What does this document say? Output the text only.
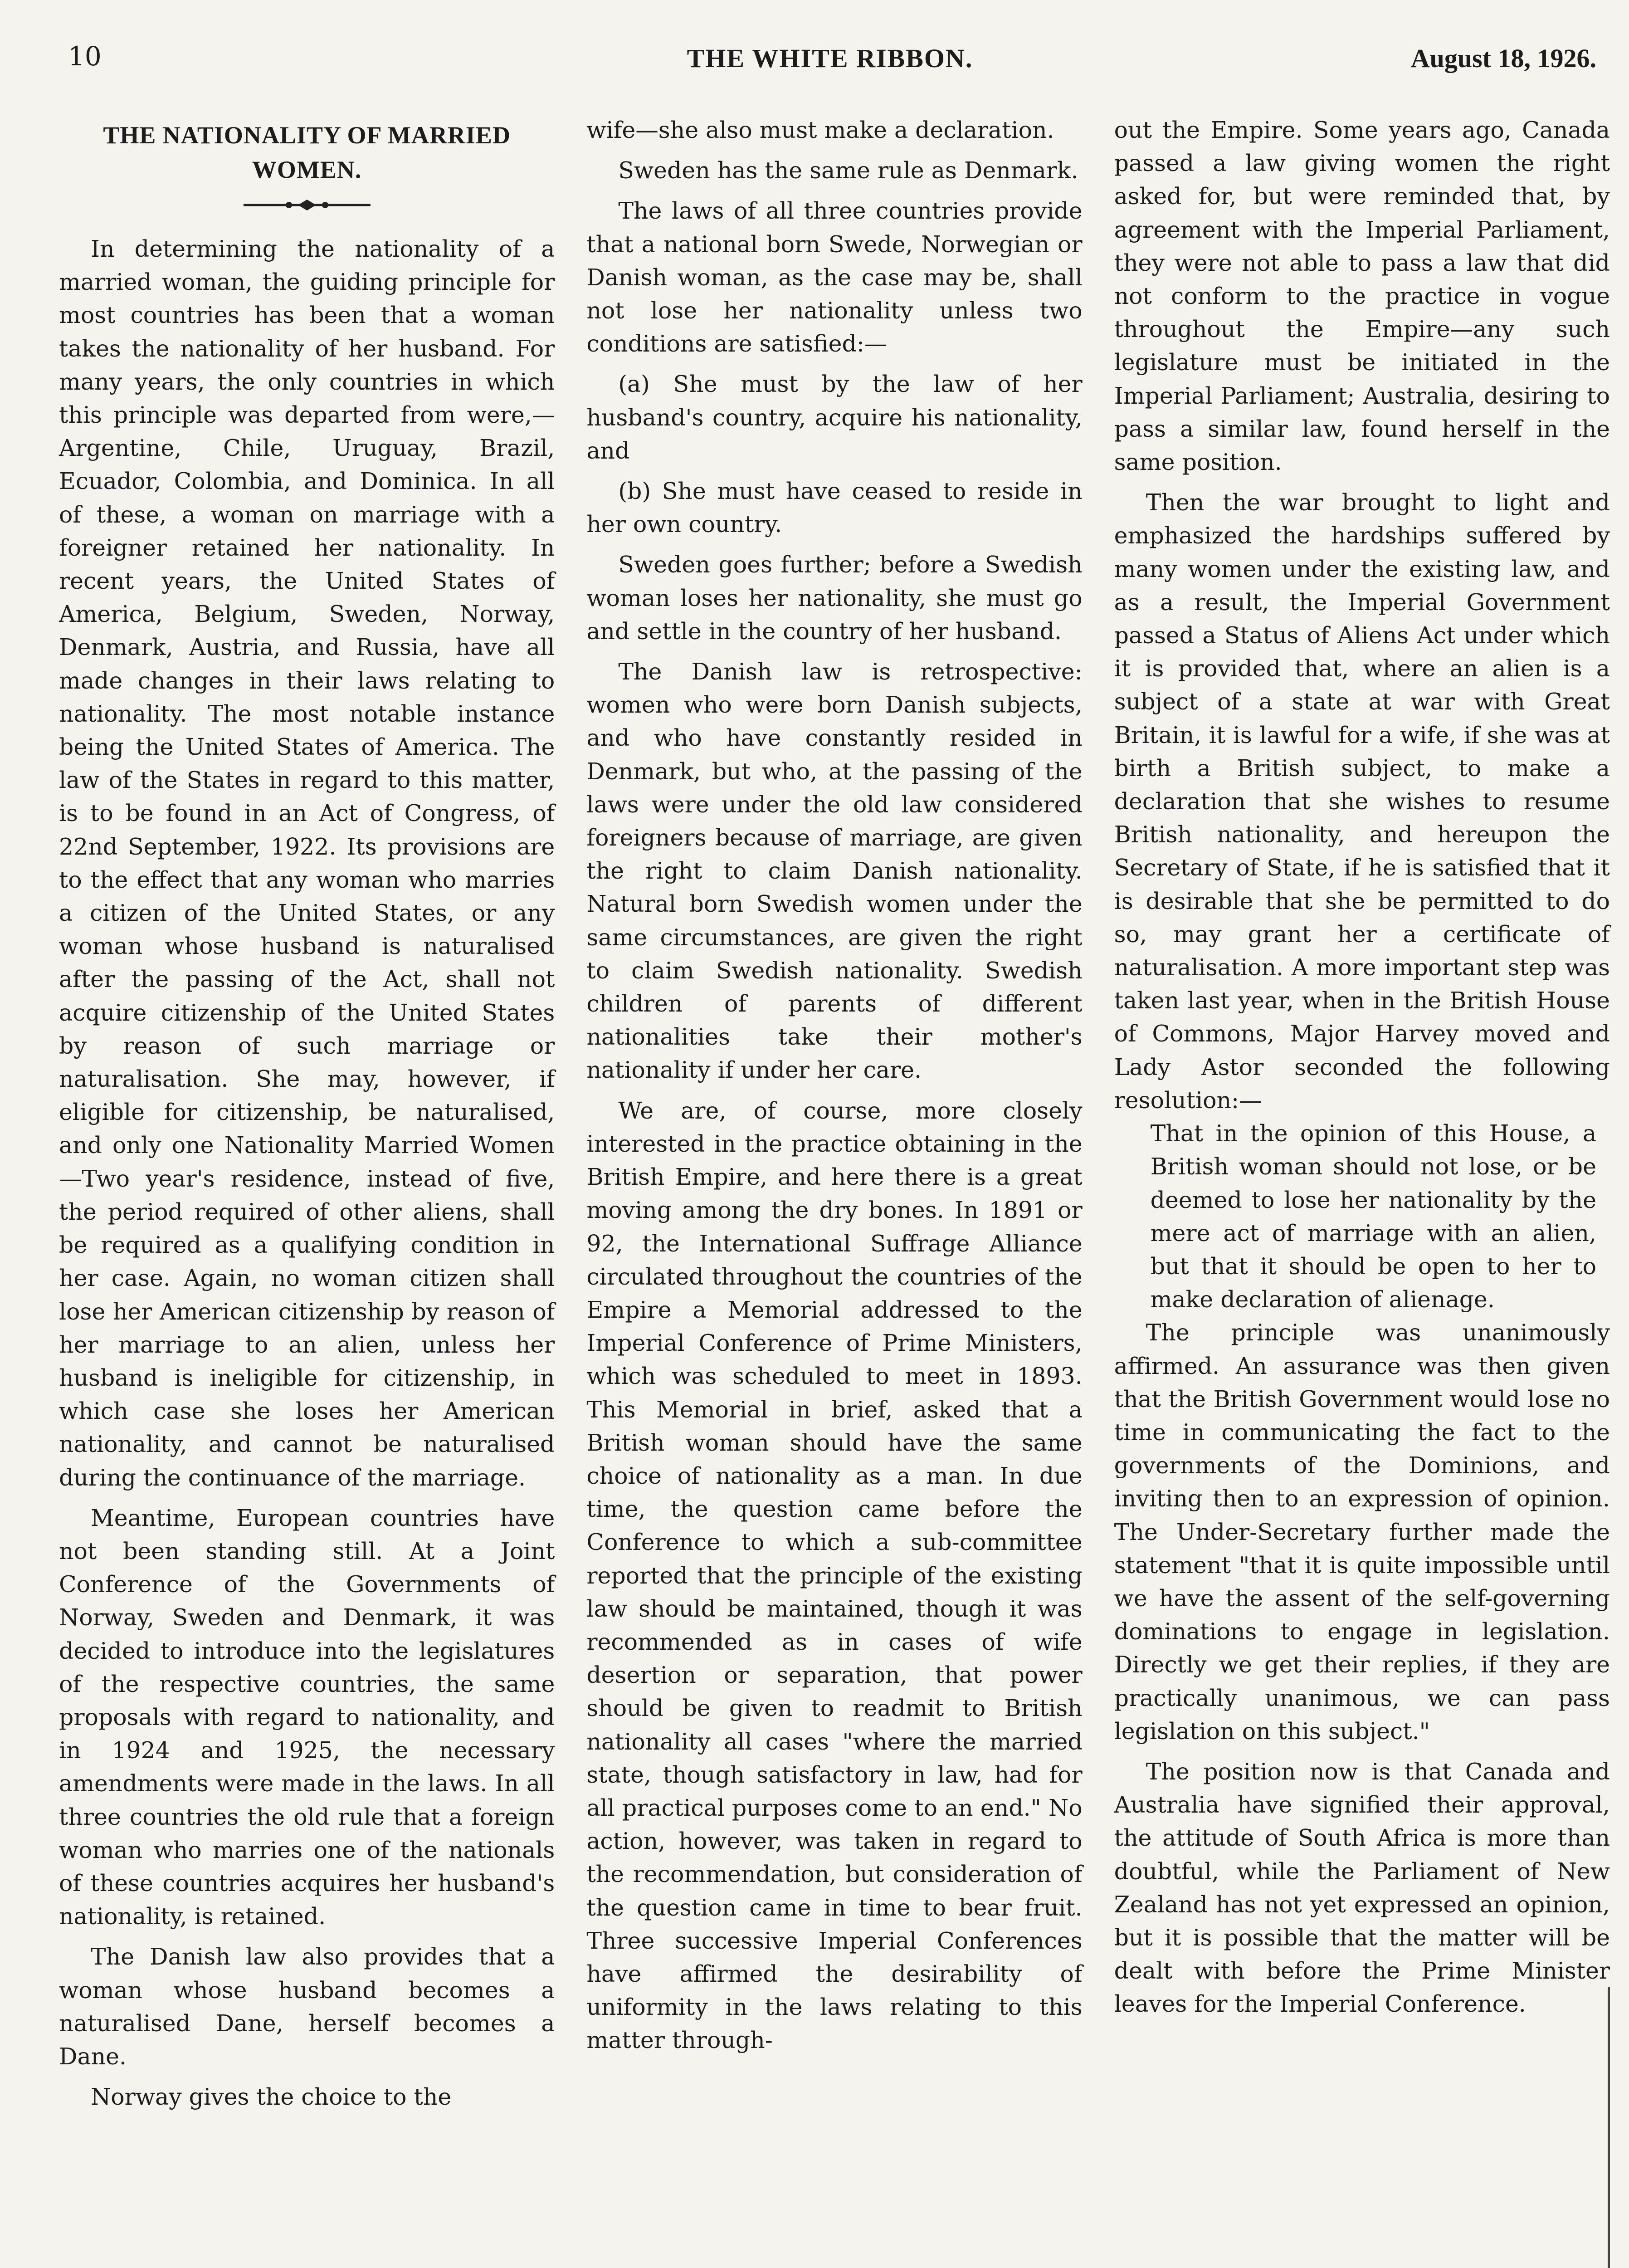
10	THE WHITE RIBBON.	August 18, 1926.
THE NATIONALITY OF MARRIED
WOMEN.

In determining the nationality of a married woman, the guiding principle for most countries has been that a woman takes the nationality of her husband. For many years, the only countries in which this principle was departed from were,—Argentine, Chile, Uruguay, Brazil, Ecuador, Colombia, and Dominica. In all of these, a woman on marriage with a foreigner retained her nationality. In recent years, the United States of America, Belgium, Sweden, Norway, Denmark, Austria, and Russia, have all made changes in their laws relating to nationality. The most notable instance being the United States of America. The law of the States in regard to this matter, is to be found in an Act of Congress, of 22nd September, 1922. Its provisions are to the effect that any woman who marries a citizen of the United States, or any woman whose husband is naturalised after the passing of the Act, shall not acquire citizenship of the United States by reason of such marriage or naturalisation. She may, however, if eligible for citizenship, be naturalised, and only one Nationality Married Women—Two year's residence, instead of five, the period required of other aliens, shall be required as a qualifying condition in her case. Again, no woman citizen shall lose her American citizenship by reason of her marriage to an alien, unless her husband is ineligible for citizenship, in which case she loses her American nationality, and cannot be naturalised during the continuance of the marriage.

Meantime, European countries have not been standing still. At a Joint Conference of the Governments of Norway, Sweden and Denmark, it was decided to introduce into the legislatures of the respective countries, the same proposals with regard to nationality, and in 1924 and 1925, the necessary amendments were made in the laws. In all three countries the old rule that a foreign woman who marries one of the nationals of these countries acquires her husband's nationality, is retained.

The Danish law also provides that a woman whose husband becomes a naturalised Dane, herself becomes a Dane.

Norway gives the choice to the

wife—she also must make a declaration.

Sweden has the same rule as Denmark.

The laws of all three countries provide that a national born Swede, Norwegian or Danish woman, as the case may be, shall not lose her nationality unless two conditions are satisfied:—

(a) She must by the law of her husband's country, acquire his nationality, and

(b) She must have ceased to reside in her own country.

Sweden goes further; before a Swedish woman loses her nationality, she must go and settle in the country of her husband.

The Danish law is retrospective: women who were born Danish subjects, and who have constantly resided in Denmark, but who, at the passing of the laws were under the old law considered foreigners because of marriage, are given the right to claim Danish nationality. Natural born Swedish women under the same circumstances, are given the right to claim Swedish nationality. Swedish children of parents of different nationalities take their mother's nationality if under her care.

We are, of course, more closely interested in the practice obtaining in the British Empire, and here there is a great moving among the dry bones. In 1891 or 92, the International Suffrage Alliance circulated throughout the countries of the Empire a Memorial addressed to the Imperial Conference of Prime Ministers, which was scheduled to meet in 1893. This Memorial in brief, asked that a British woman should have the same choice of nationality as a man. In due time, the question came before the Conference to which a sub-committee reported that the principle of the existing law should be maintained, though it was recommended as in cases of wife desertion or separation, that power should be given to readmit to British nationality all cases "where the married state, though satisfactory in law, had for all practical purposes come to an end." No action, however, was taken in regard to the recommendation, but consideration of the question came in time to bear fruit. Three successive Imperial Conferences have affirmed the desirability of uniformity in the laws relating to this matter through-

out the Empire. Some years ago, Canada passed a law giving women the right asked for, but were reminded that, by agreement with the Imperial Parliament, they were not able to pass a law that did not conform to the practice in vogue throughout the Empire—any such legislature must be initiated in the Imperial Parliament; Australia, desiring to pass a similar law, found herself in the same position.

Then the war brought to light and emphasized the hardships suffered by many women under the existing law, and as a result, the Imperial Government passed a Status of Aliens Act under which it is provided that, where an alien is a subject of a state at war with Great Britain, it is lawful for a wife, if she was at birth a British subject, to make a declaration that she wishes to resume British nationality, and hereupon the Secretary of State, if he is satisfied that it is desirable that she be permitted to do so, may grant her a certificate of naturalisation. A more important step was taken last year, when in the British House of Commons, Major Harvey moved and Lady Astor seconded the following resolution:—

That in the opinion of this House, a British woman should not lose, or be deemed to lose her nationality by the mere act of marriage with an alien, but that it should be open to her to make declaration of alienage.

The principle was unanimously affirmed. An assurance was then given that the British Government would lose no time in communicating the fact to the governments of the Dominions, and inviting then to an expression of opinion. The Under-Secretary further made the statement "that it is quite impossible until we have the assent of the self-governing dominations to engage in legislation. Directly we get their replies, if they are practically unanimous, we can pass legislation on this subject."

The position now is that Canada and Australia have signified their approval, the attitude of South Africa is more than doubtful, while the Parliament of New Zealand has not yet expressed an opinion, but it is possible that the matter will be dealt with before the Prime Minister leaves for the Imperial Conference.
